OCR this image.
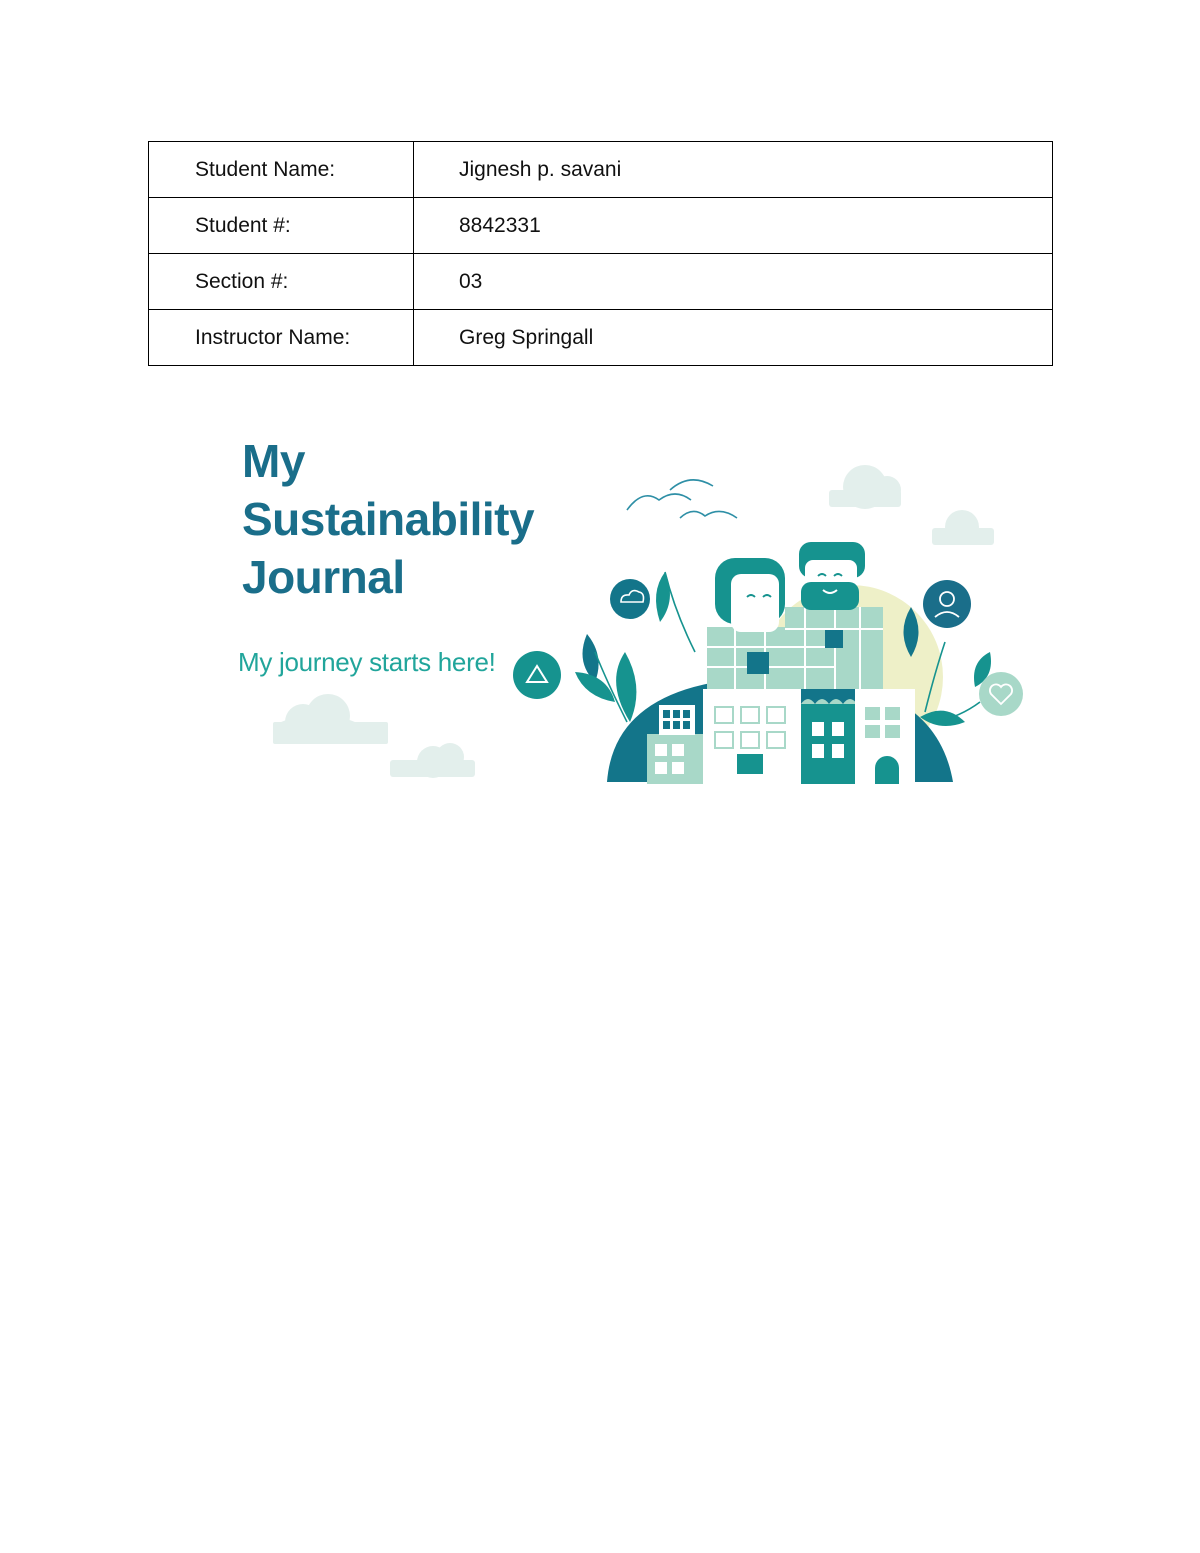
Student Name:	Jignesh p. savani
Student #:	8842331
Section #:	03
Instructor Name:	Greg Springall
My
Sustainability
Journal
My journey starts here!
